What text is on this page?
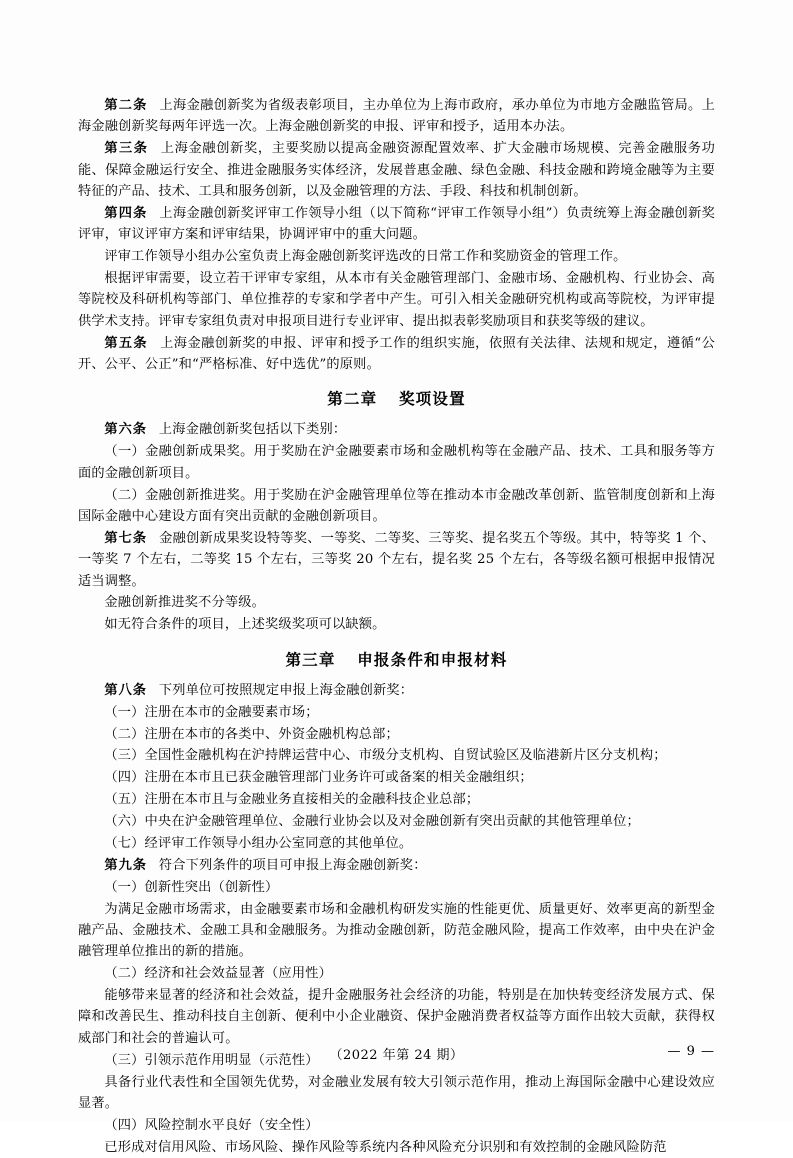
第二条 上海金融创新奖为省级表彰项目，主办单位为上海市政府，承办单位为市地方金融监管局。上海金融创新奖每两年评选一次。上海金融创新奖的申报、评审和授予，适用本办法。

第三条 上海金融创新奖，主要奖励以提高金融资源配置效率、扩大金融市场规模、完善金融服务功能、保障金融运行安全、推进金融服务实体经济，发展普惠金融、绿色金融、科技金融和跨境金融等为主要特征的产品、技术、工具和服务创新，以及金融管理的方法、手段、科技和机制创新。

第四条 上海金融创新奖评审工作领导小组（以下简称“评审工作领导小组”）负责统筹上海金融创新奖评审，审议评审方案和评审结果，协调评审中的重大问题。

评审工作领导小组办公室负责上海金融创新奖评选改的日常工作和奖励资金的管理工作。

根据评审需要，设立若干评审专家组，从本市有关金融管理部门、金融市场、金融机构、行业协会、高等院校及科研机构等部门、单位推荐的专家和学者中产生。可引入相关金融研究机构或高等院校，为评审提供学术支持。评审专家组负责对申报项目进行专业评审、提出拟表彰奖励项目和获奖等级的建议。

第五条 上海金融创新奖的申报、评审和授予工作的组织实施，依照有关法律、法规和规定，遵循“公开、公平、公正”和“严格标准、好中选优”的原则。

第二章 奖项设置

第六条 上海金融创新奖包括以下类别：

（一）金融创新成果奖。用于奖励在沪金融要素市场和金融机构等在金融产品、技术、工具和服务等方面的金融创新项目。

（二）金融创新推进奖。用于奖励在沪金融管理单位等在推动本市金融改革创新、监管制度创新和上海国际金融中心建设方面有突出贡献的金融创新项目。

第七条 金融创新成果奖设特等奖、一等奖、二等奖、三等奖、提名奖五个等级。其中，特等奖 1 个、一等奖 7 个左右，二等奖 15 个左右，三等奖 20 个左右，提名奖 25 个左右，各等级名额可根据申报情况适当调整。

金融创新推进奖不分等级。

如无符合条件的项目，上述奖级奖项可以缺额。

第三章 申报条件和申报材料

第八条 下列单位可按照规定申报上海金融创新奖：

（一）注册在本市的金融要素市场；

（二）注册在本市的各类中、外资金融机构总部；

（三）全国性金融机构在沪持牌运营中心、市级分支机构、自贸试验区及临港新片区分支机构；

（四）注册在本市且已获金融管理部门业务许可或备案的相关金融组织；

（五）注册在本市且与金融业务直接相关的金融科技企业总部；

（六）中央在沪金融管理单位、金融行业协会以及对金融创新有突出贡献的其他管理单位；

（七）经评审工作领导小组办公室同意的其他单位。

第九条 符合下列条件的项目可申报上海金融创新奖：

（一）创新性突出（创新性）

为满足金融市场需求，由金融要素市场和金融机构研发实施的性能更优、质量更好、效率更高的新型金融产品、金融技术、金融工具和金融服务。为推动金融创新，防范金融风险，提高工作效率，由中央在沪金融管理单位推出的新的措施。

（二）经济和社会效益显著（应用性）

能够带来显著的经济和社会效益，提升金融服务社会经济的功能，特别是在加快转变经济发展方式、保障和改善民生、推动科技自主创新、便利中小企业融资、保护金融消费者权益等方面作出较大贡献，获得权威部门和社会的普遍认可。

（三）引领示范作用明显（示范性）

具备行业代表性和全国领先优势，对金融业发展有较大引领示范作用，推动上海国际金融中心建设效应显著。

（四）风险控制水平良好（安全性）

已形成对信用风险、市场风险、操作风险等系统内各种风险充分识别和有效控制的金融风险防范

（2022 年第 24 期）	— 9 —
